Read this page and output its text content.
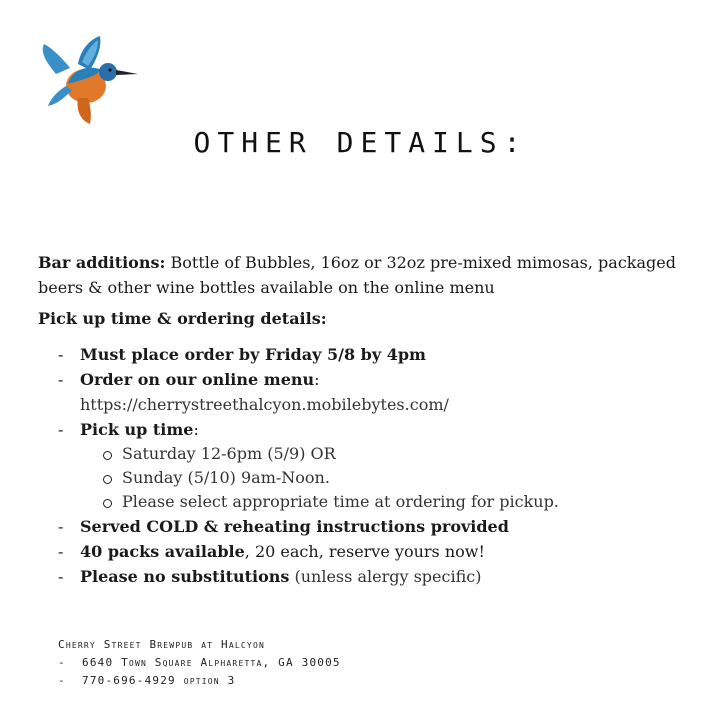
OTHER DETAILS:

Bar additions: Bottle of Bubbles, 16oz or 32oz pre-mixed mimosas, packaged beers & other wine bottles available on the online menu

Pick up time & ordering details:

- Must place order by Friday 5/8 by 4pm
- Order on our online menu:
https://cherrystreethalcyon.mobilebytes.com/
- Pick up time:
Saturday 12-6pm (5/9) OR
Sunday (5/10) 9am-Noon.
Please select appropriate time at ordering for pickup.
- Served COLD & reheating instructions provided
- 40 packs available, 20 each, reserve yours now!
- Please no substitutions (unless alergy specific)
Cherry Street Brewpub at Halcyon
- 6640 Town Square Alpharetta, GA 30005
- 770-696-4929 option 3
